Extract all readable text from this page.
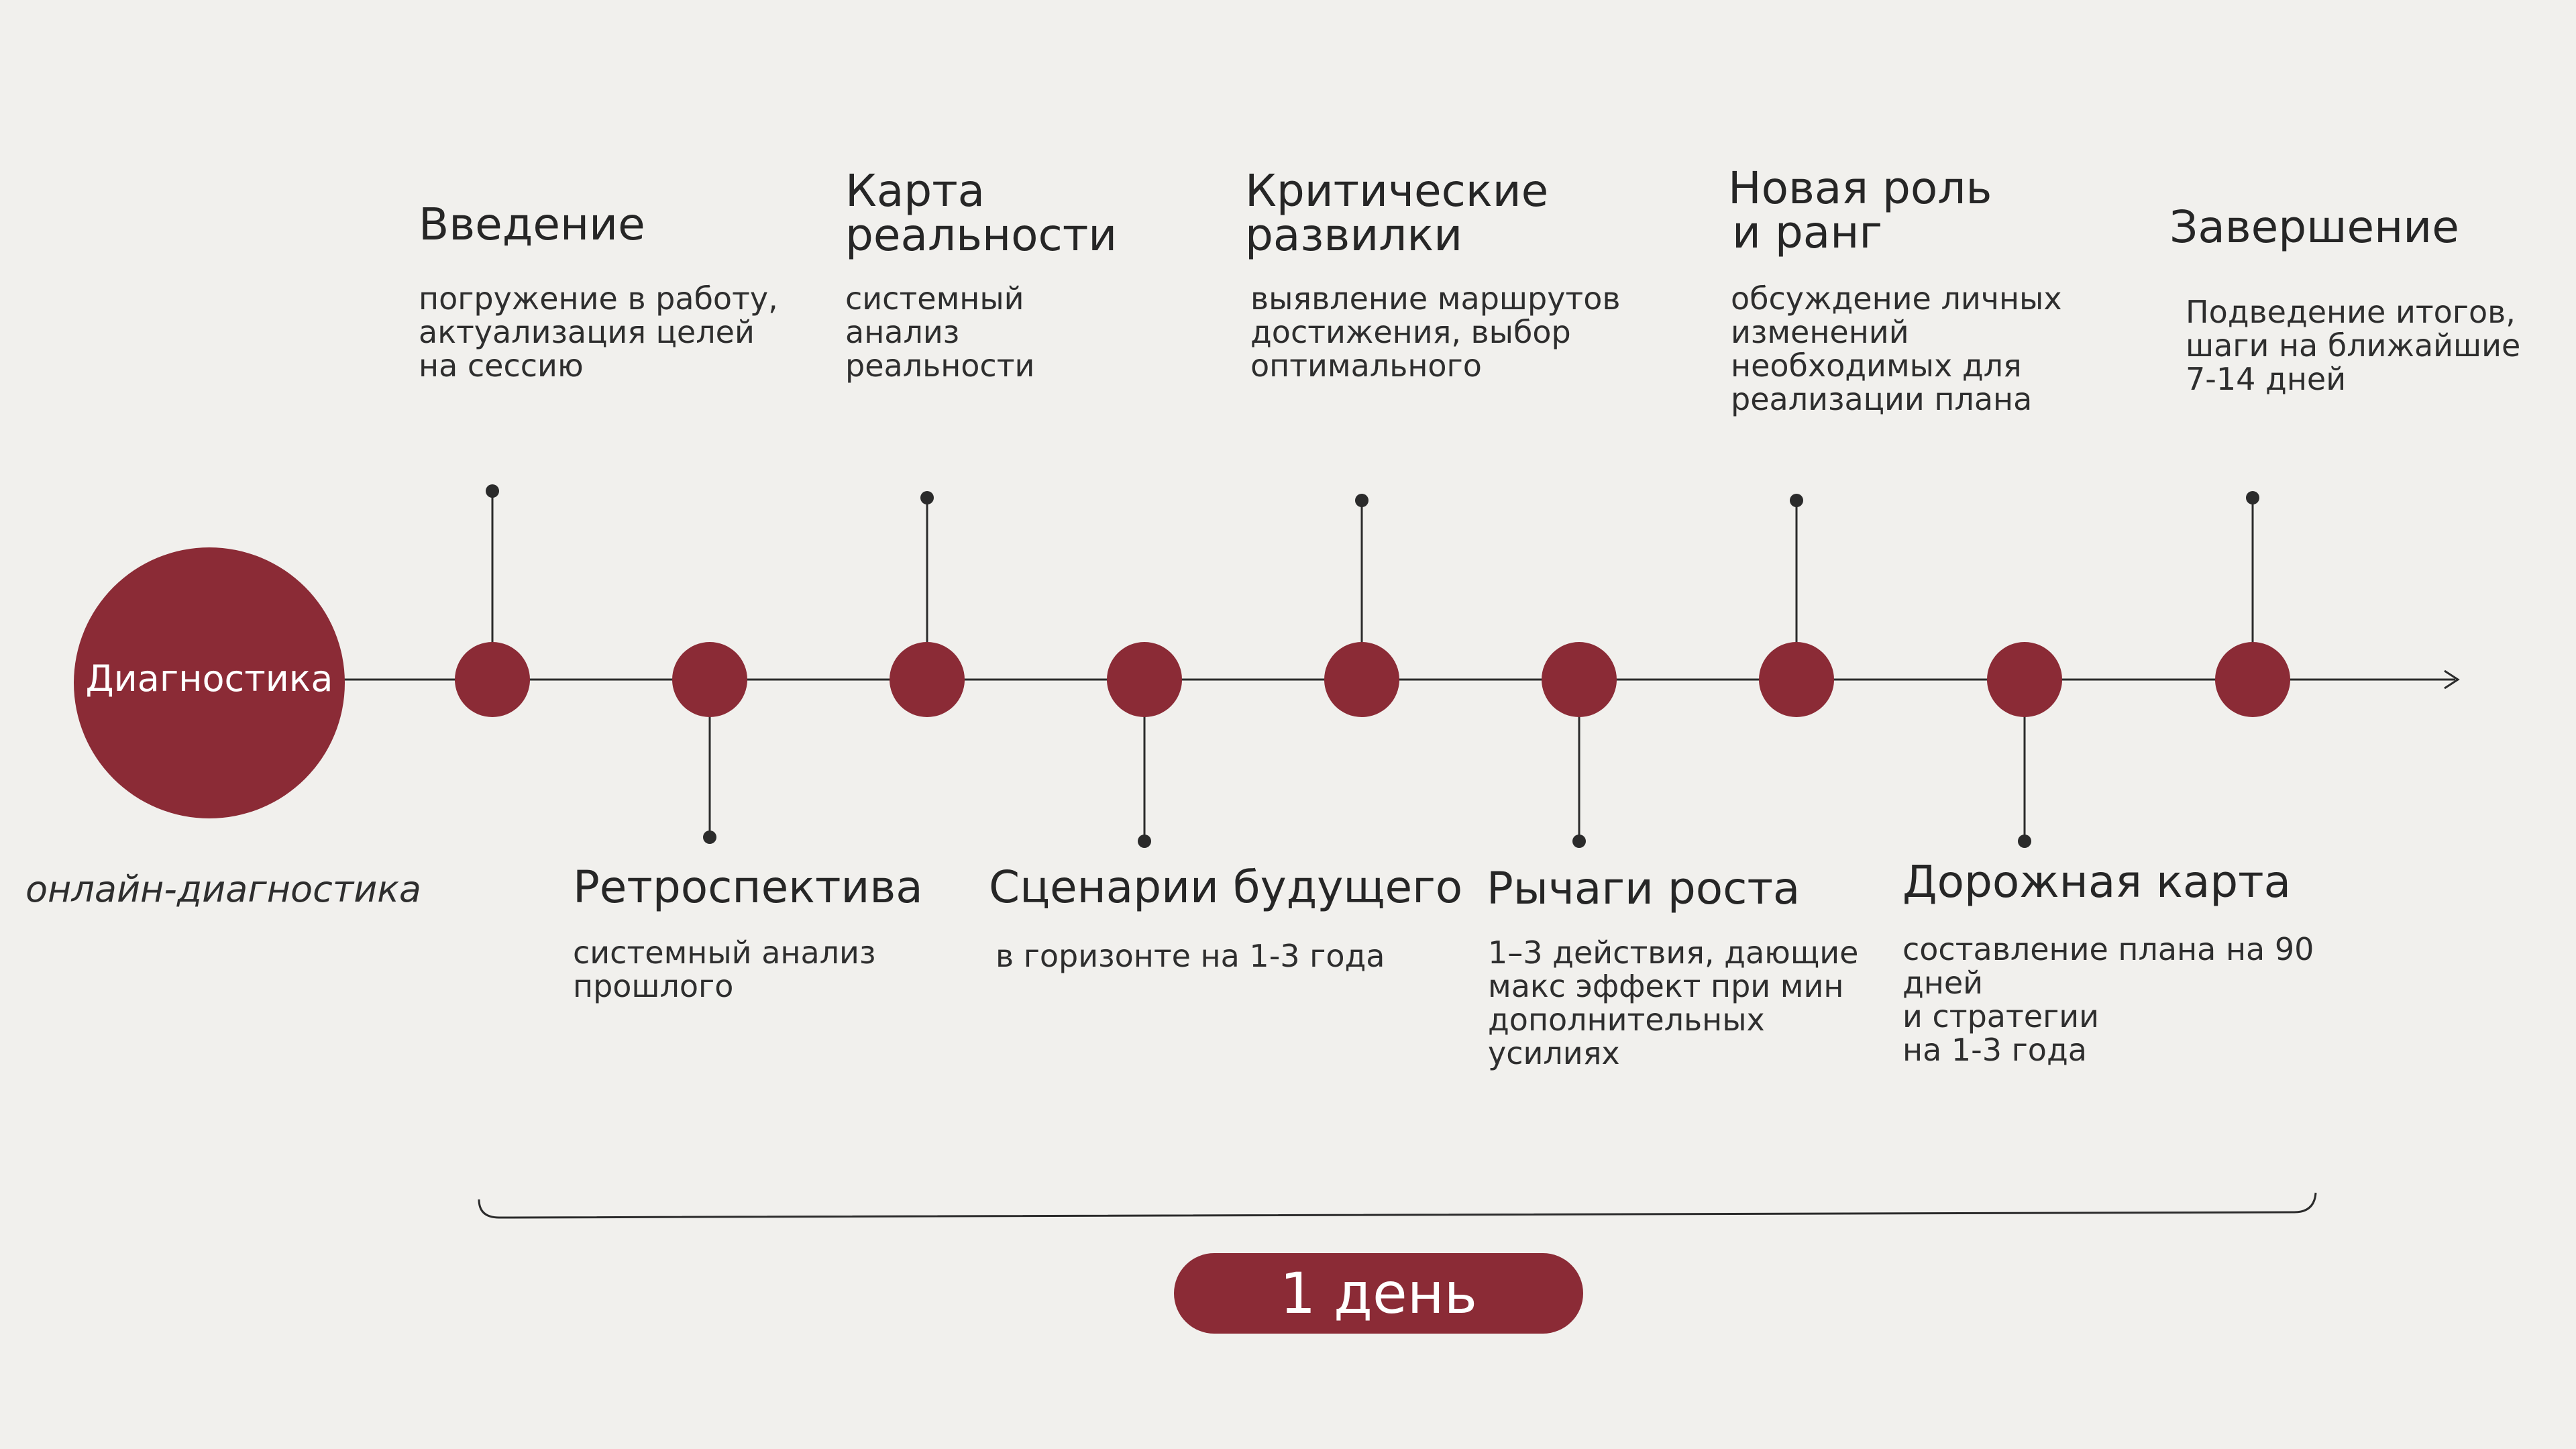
Диагностика
онлайн-диагностика
Введение
погружение в работу,
актуализация целей
на сессию
Ретроспектива
системный анализ
прошлого
Карта
реальности
системный
анализ
реальности
Сценарии будущего
в горизонте на 1-3 года
Критические
развилки
выявление маршрутов
достижения, выбор
оптимального
Рычаги роста
1–3 действия, дающие
макс эффект при мин
дополнительных
усилиях
Новая роль
и ранг
обсуждение личных
изменений
необходимых для
реализации плана
Дорожная карта
составление плана на 90
дней
и стратегии
на 1-3 года
Завершение
Подведение итогов,
шаги на ближайшие
7-14 дней
1 день
